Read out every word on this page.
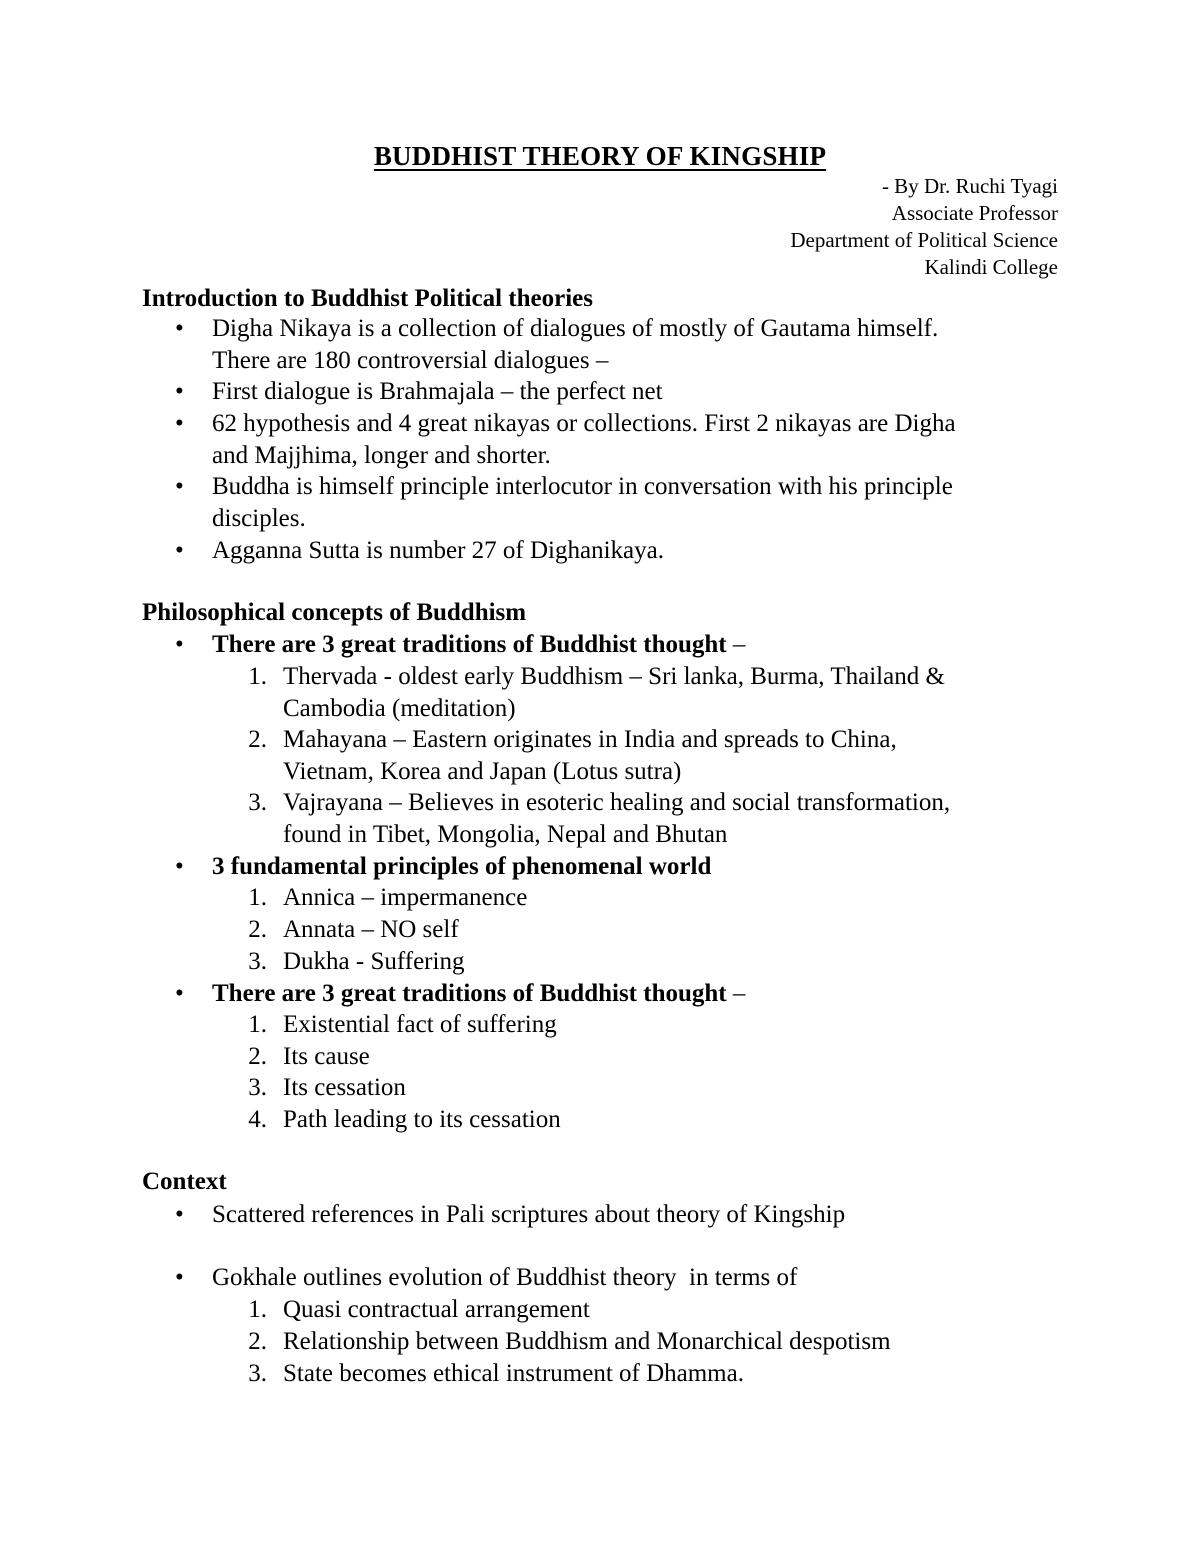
BUDDHIST THEORY OF KINGSHIP
- By Dr. Ruchi Tyagi
Associate Professor
Department of Political Science
Kalindi College
Introduction to Buddhist Political theories
• Digha Nikaya is a collection of dialogues of mostly of Gautama himself.
There are 180 controversial dialogues –
• First dialogue is Brahmajala – the perfect net
• 62 hypothesis and 4 great nikayas or collections. First 2 nikayas are Digha
and Majjhima, longer and shorter.
• Buddha is himself principle interlocutor in conversation with his principle
disciples.
• Agganna Sutta is number 27 of Dighanikaya.
Philosophical concepts of Buddhism
• There are 3 great traditions of Buddhist thought –
1. Thervada - oldest early Buddhism – Sri lanka, Burma, Thailand &
Cambodia (meditation)
2. Mahayana – Eastern originates in India and spreads to China,
Vietnam, Korea and Japan (Lotus sutra)
3. Vajrayana – Believes in esoteric healing and social transformation,
found in Tibet, Mongolia, Nepal and Bhutan
• 3 fundamental principles of phenomenal world
1. Annica – impermanence
2. Annata – NO self
3. Dukha - Suffering
• There are 3 great traditions of Buddhist thought –
1. Existential fact of suffering
2. Its cause
3. Its cessation
4. Path leading to its cessation
Context
• Scattered references in Pali scriptures about theory of Kingship
• Gokhale outlines evolution of Buddhist theory  in terms of
1. Quasi contractual arrangement
2. Relationship between Buddhism and Monarchical despotism
3. State becomes ethical instrument of Dhamma.
